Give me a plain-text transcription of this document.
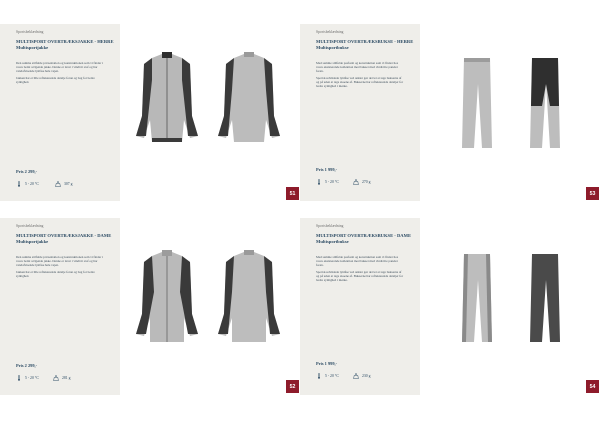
Sportsbeklædning
MULTISPORT OVERTRÆKSJAKKE - HERRE
Multisportjakke

Den samme stilfulde præsentation og konstruktionen som vi finder i vores bedst sælgende jakke. Denne er lavet i vindtæt stof og har vandafvisende lynlåse hele vejen.

Jakken har et lille reflekterende detalje foran og bag for bedre synlighed.

Pris 2 299,-
5 - 20 °C	307 g
51
Sportsbeklædning
MULTISPORT OVERTRÆKSBUKSE - HERRE
Multisportbukse

Med samme stilfulde pasform og konstruktion som vi finder hos vores eksisterende kollektion med bukser med vindtætte paneler foran.

Special-udviklede lynlåse ved ankler gør det let at tage bukserne af og på uden at tage skoene af. Bukserne har reflekterende detaljer for bedre synlighed i mørke.

Pris 1 999,-
5 - 20 °C	270 g
53
Sportsbeklædning
MULTISPORT OVERTRÆKSJAKKE - DAME
Multisportjakke

Den samme stilfulde præsentation og konstruktionen som vi finder i vores bedst sælgende jakke. Denne er lavet i vindtæt stof og har vandafvisende lynlåse hele vejen.

Jakken har et lille reflekterende detalje foran og bag for bedre synlighed.

Pris 2 299,-
5 - 20 °C	281 g
52
Sportsbeklædning
MULTISPORT OVERTRÆKSBUKSE - DAME
Multisportbukse

Med samme stilfulde pasform og konstruktion som vi finder hos vores eksisterende kollektion med bukser med vindtætte paneler foran.

Special-udviklede lynlåse ved ankler gør det let at tage bukserne af og på uden at tage skoene af. Bukserne har reflekterende detaljer for bedre synlighed i mørke.

Pris 1 999,-
5 - 20 °C	230 g
54
